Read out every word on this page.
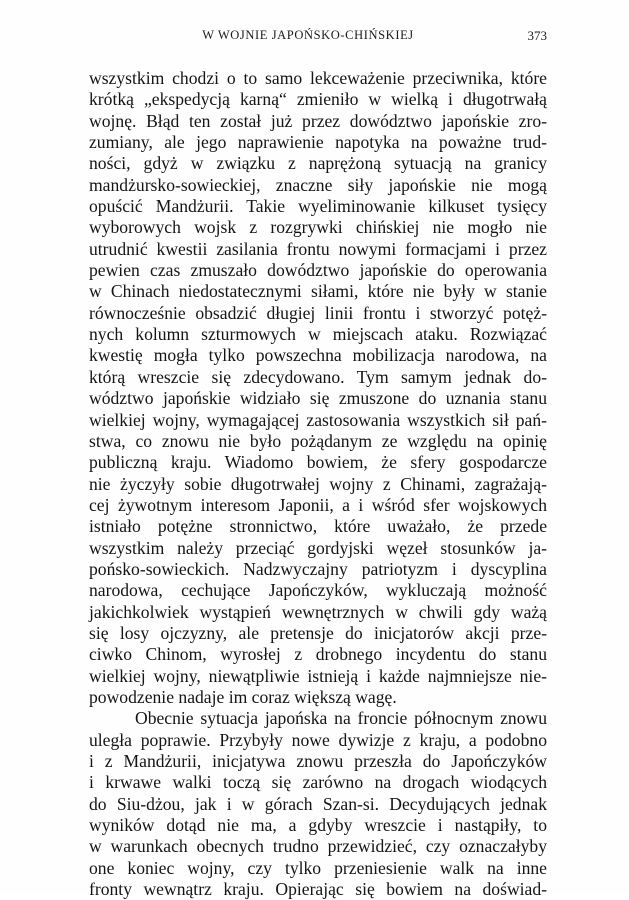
W WOJNIE JAPOŃSKO-CHIŃSKIEJ	373
wszystkim chodzi o to samo lekceważenie przeciwnika, które
krótką „ekspedycją karną“ zmieniło w wielką i długotrwałą
wojnę. Błąd ten został już przez dowództwo japońskie zro-
zumiany, ale jego naprawienie napotyka na poważne trud-
ności, gdyż w związku z naprężoną sytuacją na granicy
mandżursko-sowieckiej, znaczne siły japońskie nie mogą
opuścić Mandżurii. Takie wyeliminowanie kilkuset tysięcy
wyborowych wojsk z rozgrywki chińskiej nie mogło nie
utrudnić kwestii zasilania frontu nowymi formacjami i przez
pewien czas zmuszało dowództwo japońskie do operowania
w Chinach niedostatecznymi siłami, które nie były w stanie
równocześnie obsadzić długiej linii frontu i stworzyć potęż-
nych kolumn szturmowych w miejscach ataku. Rozwiązać
kwestię mogła tylko powszechna mobilizacja narodowa, na
którą wreszcie się zdecydowano. Tym samym jednak do-
wództwo japońskie widziało się zmuszone do uznania stanu
wielkiej wojny, wymagającej zastosowania wszystkich sił pań-
stwa, co znowu nie było pożądanym ze względu na opinię
publiczną kraju. Wiadomo bowiem, że sfery gospodarcze
nie życzyły sobie długotrwałej wojny z Chinami, zagrażają-
cej żywotnym interesom Japonii, a i wśród sfer wojskowych
istniało potężne stronnictwo, które uważało, że przede
wszystkim należy przeciąć gordyjski węzeł stosunków ja-
pońsko-sowieckich. Nadzwyczajny patriotyzm i dyscyplina
narodowa, cechujące Japończyków, wykluczają możność
jakichkolwiek wystąpień wewnętrznych w chwili gdy ważą
się losy ojczyzny, ale pretensje do inicjatorów akcji prze-
ciwko Chinom, wyrosłej z drobnego incydentu do stanu
wielkiej wojny, niewątpliwie istnieją i każde najmniejsze nie-
powodzenie nadaje im coraz większą wagę.
Obecnie sytuacja japońska na froncie północnym znowu
uległa poprawie. Przybyły nowe dywizje z kraju, a podobno
i z Mandżurii, inicjatywa znowu przeszła do Japończyków
i krwawe walki toczą się zarówno na drogach wiodących
do Siu-dżou, jak i w górach Szan-si. Decydujących jednak
wyników dotąd nie ma, a gdyby wreszcie i nastąpiły, to
w warunkach obecnych trudno przewidzieć, czy oznaczałyby
one koniec wojny, czy tylko przeniesienie walk na inne
fronty wewnątrz kraju. Opierając się bowiem na doświad-
